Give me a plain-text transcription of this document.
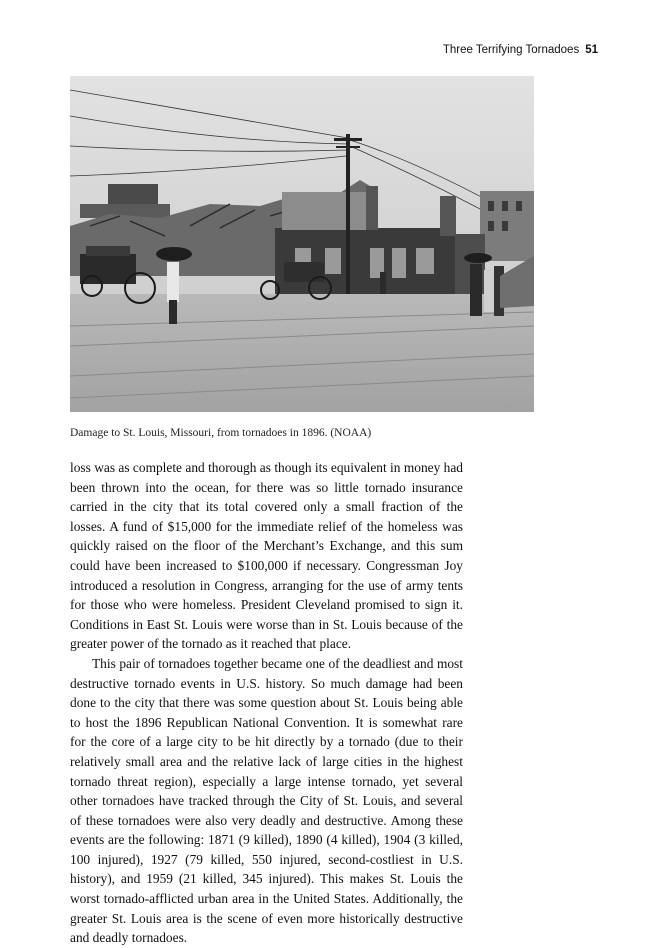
Three Terrifying Tornadoes 51
Damage to St. Louis, Missouri, from tornadoes in 1896. (NOAA)

loss was as complete and thorough as though its equivalent in money had been thrown into the ocean, for there was so little tornado insurance carried in the city that its total covered only a small fraction of the losses. A fund of $15,000 for the immediate relief of the homeless was quickly raised on the floor of the Merchant’s Exchange, and this sum could have been increased to $100,000 if necessary. Congressman Joy introduced a resolution in Congress, arranging for the use of army tents for those who were homeless. President Cleveland promised to sign it. Conditions in East St. Louis were worse than in St. Louis because of the greater power of the tornado as it reached that place.

This pair of tornadoes together became one of the deadliest and most destructive tornado events in U.S. history. So much damage had been done to the city that there was some question about St. Louis being able to host the 1896 Republican National Convention. It is somewhat rare for the core of a large city to be hit directly by a tornado (due to their relatively small area and the relative lack of large cities in the highest tornado threat region), especially a large intense tornado, yet several other tornadoes have tracked through the City of St. Louis, and several of these tornadoes were also very deadly and destructive. Among these events are the following: 1871 (9 killed), 1890 (4 killed), 1904 (3 killed, 100 injured), 1927 (79 killed, 550 injured, second-costliest in U.S. history), and 1959 (21 killed, 345 injured). This makes St. Louis the worst tornado-afflicted urban area in the United States. Additionally, the greater St. Louis area is the scene of even more historically destructive and deadly tornadoes.
